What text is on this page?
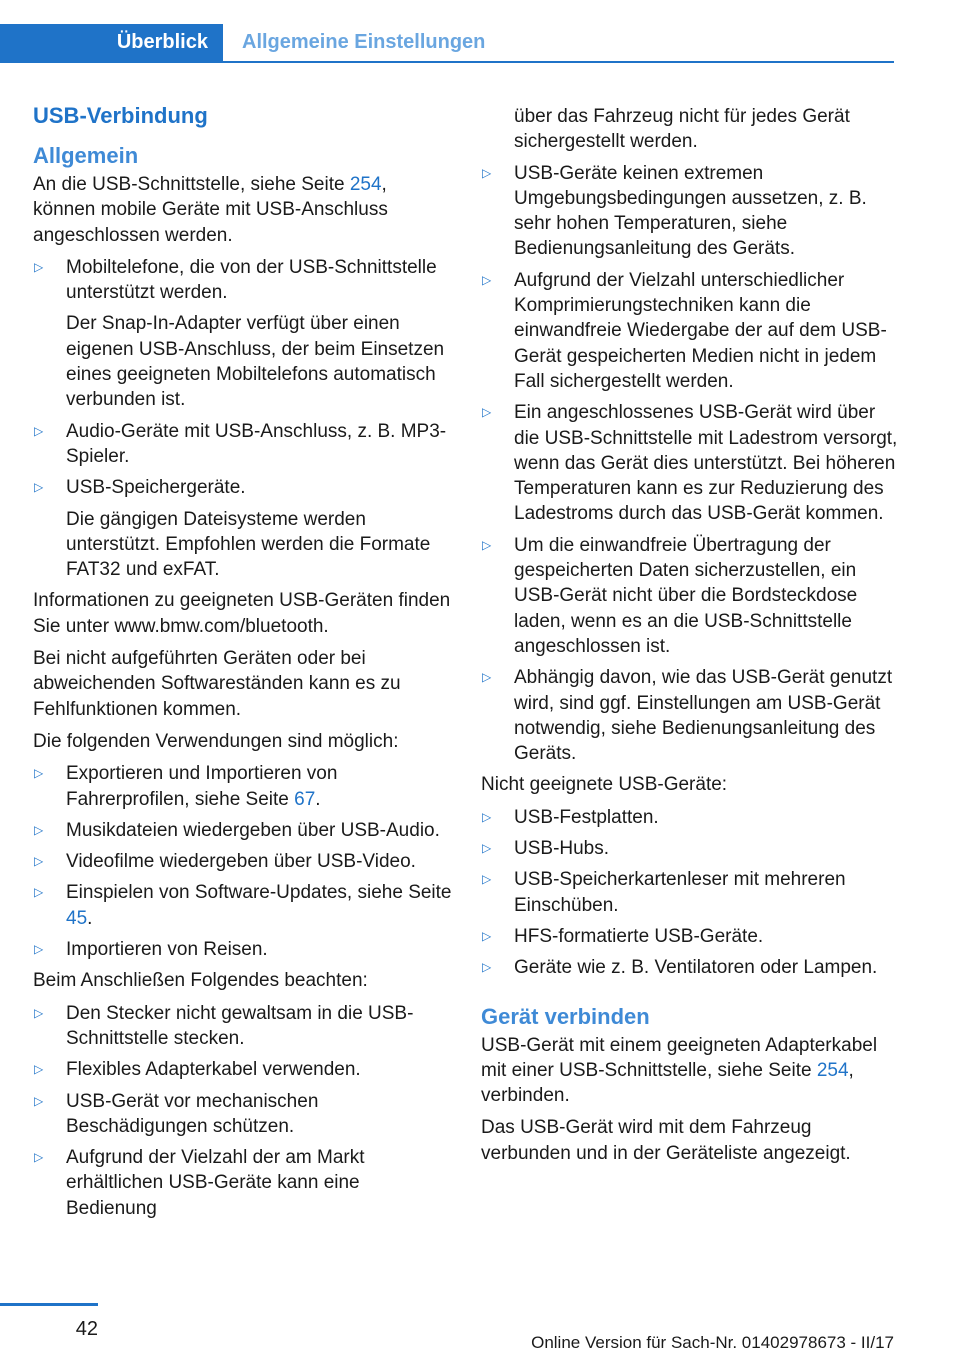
Überblick	Allgemeine Einstellungen
USB-Verbindung
Allgemein

An die USB-Schnittstelle, siehe Seite 254, können mobile Geräte mit USB-Anschluss angeschlossen werden.

▷ Mobiltelefone, die von der USB-Schnittstelle unterstützt werden.
Der Snap-In-Adapter verfügt über einen eigenen USB-Anschluss, der beim Einsetzen eines geeigneten Mobiltelefons automatisch verbunden ist.
▷ Audio-Geräte mit USB-Anschluss, z. B. MP3-Spieler.
▷ USB-Speichergeräte.
Die gängigen Dateisysteme werden unterstützt. Empfohlen werden die Formate FAT32 und exFAT.

Informationen zu geeigneten USB-Geräten finden Sie unter www.bmw.com/bluetooth.

Bei nicht aufgeführten Geräten oder bei abweichenden Softwareständen kann es zu Fehlfunktionen kommen.

Die folgenden Verwendungen sind möglich:

▷ Exportieren und Importieren von Fahrerprofilen, siehe Seite 67.
▷ Musikdateien wiedergeben über USB-Audio.
▷ Videofilme wiedergeben über USB-Video.
▷ Einspielen von Software-Updates, siehe Seite 45.
▷ Importieren von Reisen.

Beim Anschließen Folgendes beachten:

▷ Den Stecker nicht gewaltsam in die USB-Schnittstelle stecken.
▷ Flexibles Adapterkabel verwenden.
▷ USB-Gerät vor mechanischen Beschädigungen schützen.
▷ Aufgrund der Vielzahl der am Markt erhältlichen USB-Geräte kann eine Bedienung
über das Fahrzeug nicht für jedes Gerät sichergestellt werden.
▷ USB-Geräte keinen extremen Umgebungsbedingungen aussetzen, z. B. sehr hohen Temperaturen, siehe Bedienungsanleitung des Geräts.
▷ Aufgrund der Vielzahl unterschiedlicher Komprimierungstechniken kann die einwandfreie Wiedergabe der auf dem USB-Gerät gespeicherten Medien nicht in jedem Fall sichergestellt werden.
▷ Ein angeschlossenes USB-Gerät wird über die USB-Schnittstelle mit Ladestrom versorgt, wenn das Gerät dies unterstützt. Bei höheren Temperaturen kann es zur Reduzierung des Ladestroms durch das USB-Gerät kommen.
▷ Um die einwandfreie Übertragung der gespeicherten Daten sicherzustellen, ein USB-Gerät nicht über die Bordsteckdose laden, wenn es an die USB-Schnittstelle angeschlossen ist.
▷ Abhängig davon, wie das USB-Gerät genutzt wird, sind ggf. Einstellungen am USB-Gerät notwendig, siehe Bedienungsanleitung des Geräts.

Nicht geeignete USB-Geräte:

▷ USB-Festplatten.
▷ USB-Hubs.
▷ USB-Speicherkartenleser mit mehreren Einschüben.
▷ HFS-formatierte USB-Geräte.
▷ Geräte wie z. B. Ventilatoren oder Lampen.
Gerät verbinden

USB-Gerät mit einem geeigneten Adapterkabel mit einer USB-Schnittstelle, siehe Seite 254, verbinden.

Das USB-Gerät wird mit dem Fahrzeug verbunden und in der Geräteliste angezeigt.

42
Online Version für Sach-Nr. 01402978673 - II/17
